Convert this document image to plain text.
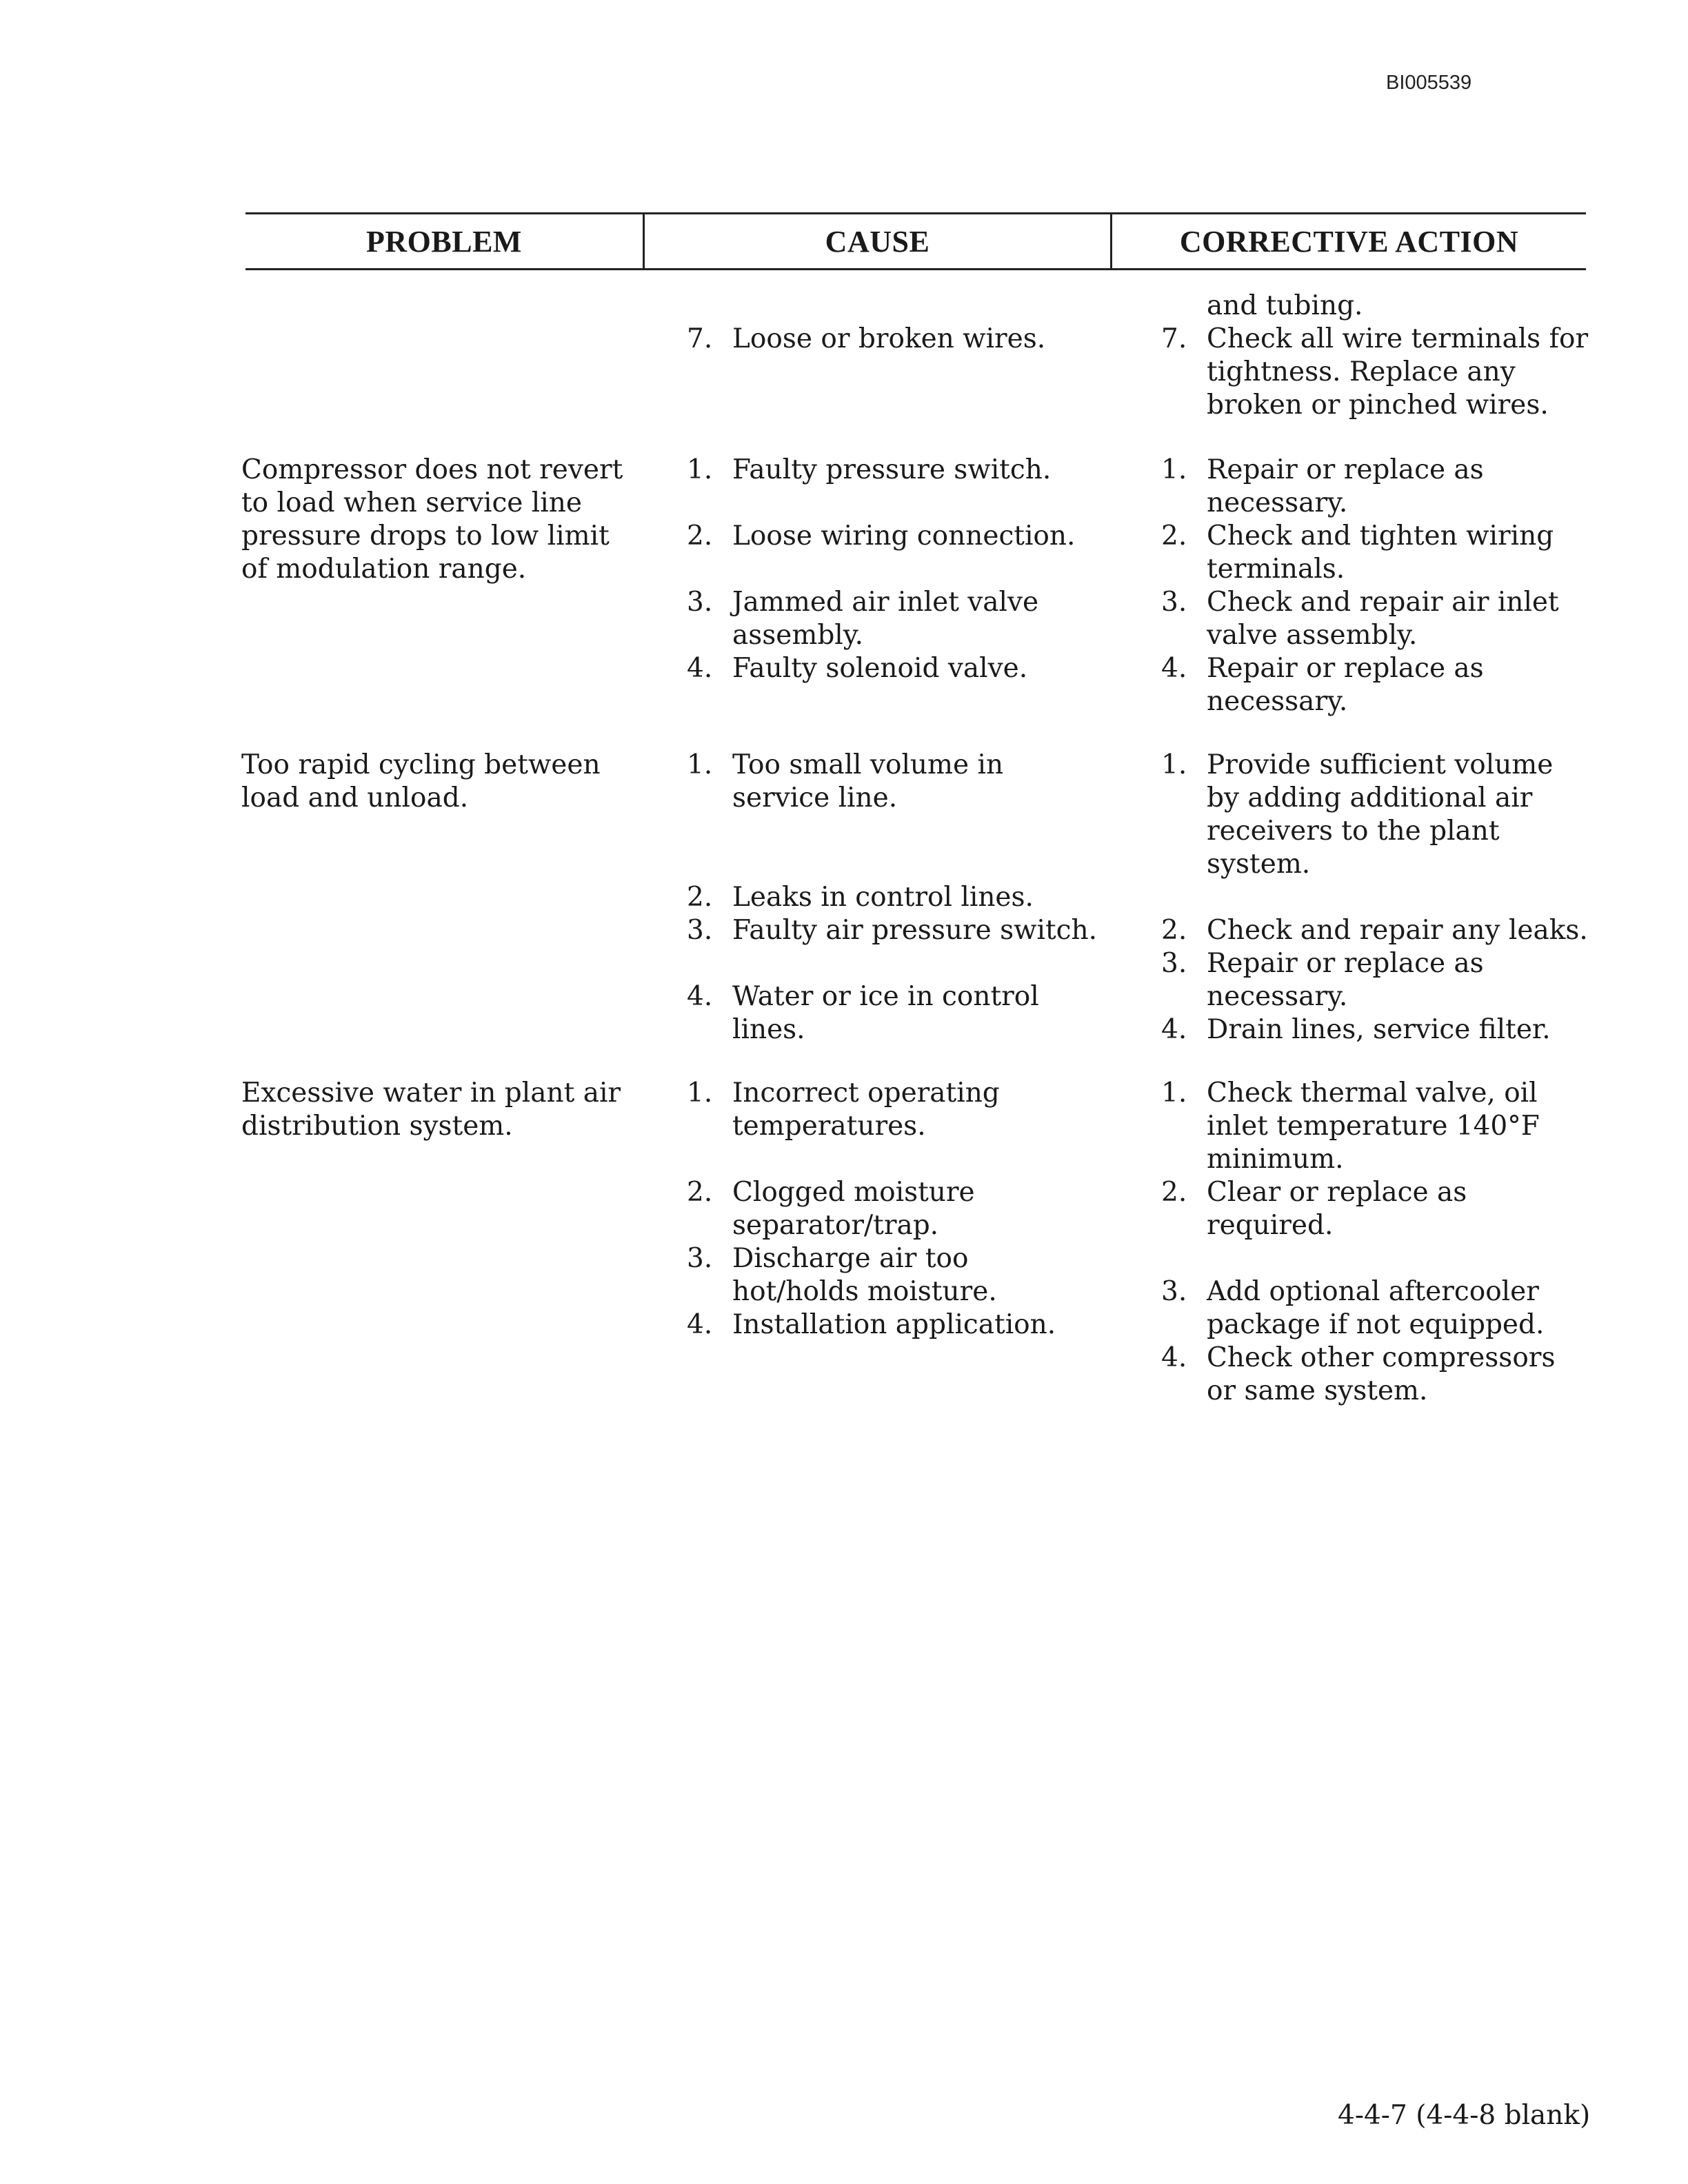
BI005539
PROBLEM	CAUSE	CORRECTIVE ACTION
and tubing.
7. Check all wire terminals for tightness. Replace any broken or pinched wires.
7. Loose or broken wires.
Compressor does not revert to load when service line pressure drops to low limit of modulation range.
1. Faulty pressure switch.
2. Loose wiring connection.
3. Jammed air inlet valve assembly.
4. Faulty solenoid valve.
1. Repair or replace as necessary.
2. Check and tighten wiring terminals.
3. Check and repair air inlet valve assembly.
4. Repair or replace as necessary.
Too rapid cycling between load and unload.
1. Too small volume in service line.
2. Leaks in control lines.
3. Faulty air pressure switch.
4. Water or ice in control lines.
1. Provide sufficient volume by adding additional air receivers to the plant system.
2. Check and repair any leaks.
3. Repair or replace as necessary.
4. Drain lines, service filter.
Excessive water in plant air distribution system.
1. Incorrect operating temperatures.
2. Clogged moisture separator/trap.
3. Discharge air too hot/holds moisture.
4. Installation application.
1. Check thermal valve, oil inlet temperature 140°F minimum.
2. Clear or replace as required.
3. Add optional aftercooler package if not equipped.
4. Check other compressors or same system.
4-4-7 (4-4-8 blank)
